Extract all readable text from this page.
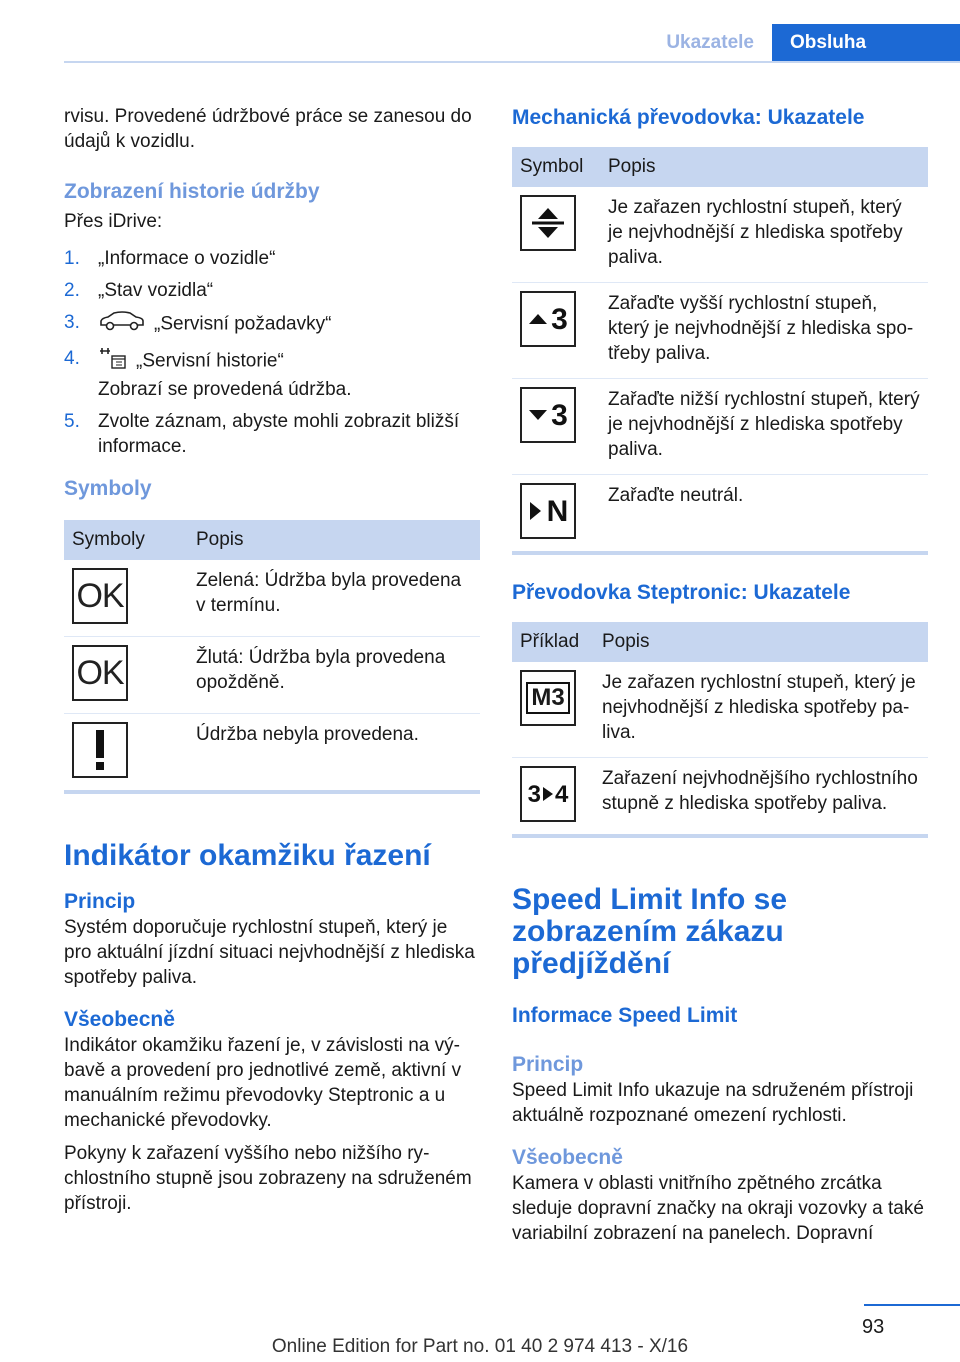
Ukazatele	Obsluha

rvisu. Provedené údržbové práce se zanesou do údajů k vozidlu.

Zobrazení historie údržby

Přes iDrive:

1. „Informace o vozidle“
2. „Stav vozidla“
3.	„Servisní požadavky“
4.	„Servisní historie“
Zobrazí se provedená údržba.
5. Zvolte záznam, abyste mohli zobrazit bližší informace.
Symboly
Symboly	Popis

OK	Zelená: Údržba byla provedena v termínu.

OK	Žlutá: Údržba byla provedena opožděně.

	Údržba nebyla provedena.
Indikátor okamžiku řazení
Princip

Systém doporučuje rychlostní stupeň, který je pro aktuální jízdní situaci nejvhodnější z hlediska spotřeby paliva.

Všeobecně

Indikátor okamžiku řazení je, v závislosti na výbavě a provedení pro jednotlivé země, aktivní v manuálním režimu převodovky Steptronic a u mechanické převodovky.

Pokyny k zařazení vyššího nebo nižšího rychlostního stupně jsou zobrazeny na sdruženém přístroji.

Mechanická převodovka: Ukazatele
Symbol	Popis

	Je zařazen rychlostní stupeň, který je nejvhodnější z hlediska spotřeby paliva.

3	Zařaďte vyšší rychlostní stupeň, který je nejvhodnější z hlediska spotřeby paliva.

3	Zařaďte nižší rychlostní stupeň, který je nejvhodnější z hlediska spotřeby paliva.

N	Zařaďte neutrál.
Převodovka Steptronic: Ukazatele
Příklad	Popis

M3	Je zařazen rychlostní stupeň, který je nejvhodnější z hlediska spotřeby paliva.

3 4	Zařazení nejvhodnějšího rychlostního stupně z hlediska spotřeby paliva.
Speed Limit Info se zobrazením zákazu předjíždění
Informace Speed Limit
Princip

Speed Limit Info ukazuje na sdruženém přístroji aktuálně rozpoznané omezení rychlosti.

Všeobecně

Kamera v oblasti vnitřního zpětného zrcátka sleduje dopravní značky na okraji vozovky a také variabilní zobrazení na panelech. Dopravní

93
Online Edition for Part no. 01 40 2 974 413 - X/16
